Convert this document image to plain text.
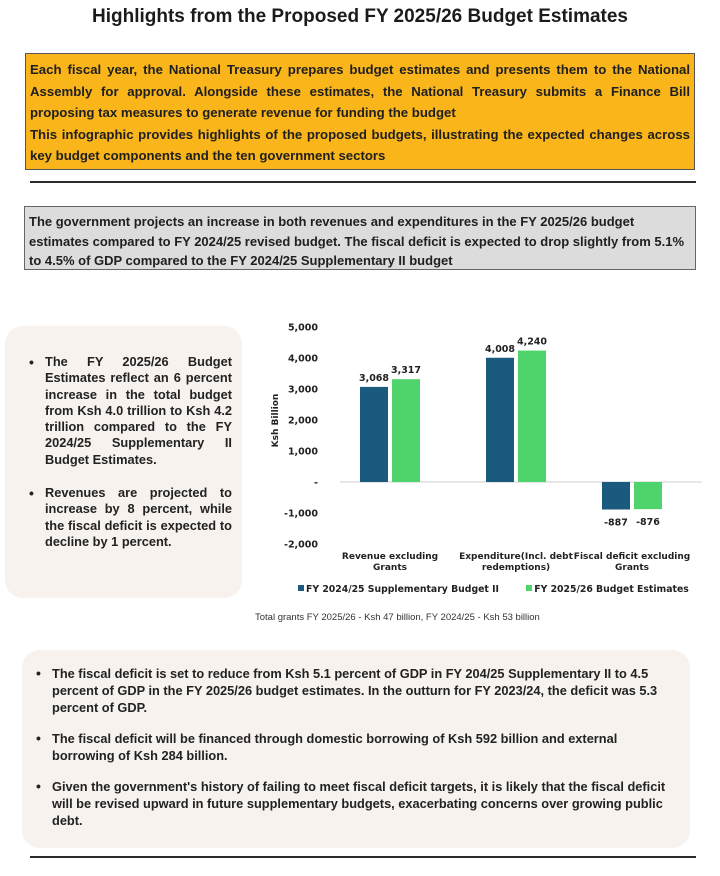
Highlights from the Proposed FY 2025/26 Budget Estimates

Each fiscal year, the National Treasury prepares budget estimates and presents them to the National Assembly for approval. Alongside these estimates, the National Treasury submits a Finance Bill proposing tax measures to generate revenue for funding the budget

This infographic provides highlights of the proposed budgets, illustrating the expected changes across key budget components and the ten government sectors

The government projects an increase in both revenues and expenditures in the FY 2025/26 budget estimates compared to FY 2024/25 revised budget. The fiscal deficit is expected to drop slightly from 5.1% to 4.5% of GDP compared to the FY 2024/25 Supplementary II budget
• The FY 2025/26 Budget Estimates reflect an 6 percent increase in the total budget from Ksh 4.0 trillion to Ksh 4.2 trillion compared to the FY 2024/25 Supplementary II Budget Estimates.
• Revenues are projected to increase by 8 percent, while the fiscal deficit is expected to decline by 1 percent.
5,000
4,000
3,000
2,000
1,000
-
-1,000
-2,000
Ksh Billion
3,068
3,317
Revenue excluding
Grants
4,008
4,240
Expenditure(Incl. debt
redemptions)
-887 -876
Fiscal deficit excluding
Grants
FY 2024/25 Supplementary Budget II	FY 2025/26 Budget Estimates
Total grants FY 2025/26 - Ksh 47 billion, FY 2024/25 - Ksh 53 billion
• The fiscal deficit is set to reduce from Ksh 5.1 percent of GDP in FY 204/25 Supplementary II to 4.5 percent of GDP in the FY 2025/26 budget estimates. In the outturn for FY 2023/24, the deficit was 5.3 percent of GDP.
• The fiscal deficit will be financed through domestic borrowing of Ksh 592 billion and external borrowing of Ksh 284 billion.
• Given the government's history of failing to meet fiscal deficit targets, it is likely that the fiscal deficit will be revised upward in future supplementary budgets, exacerbating concerns over growing public debt.
